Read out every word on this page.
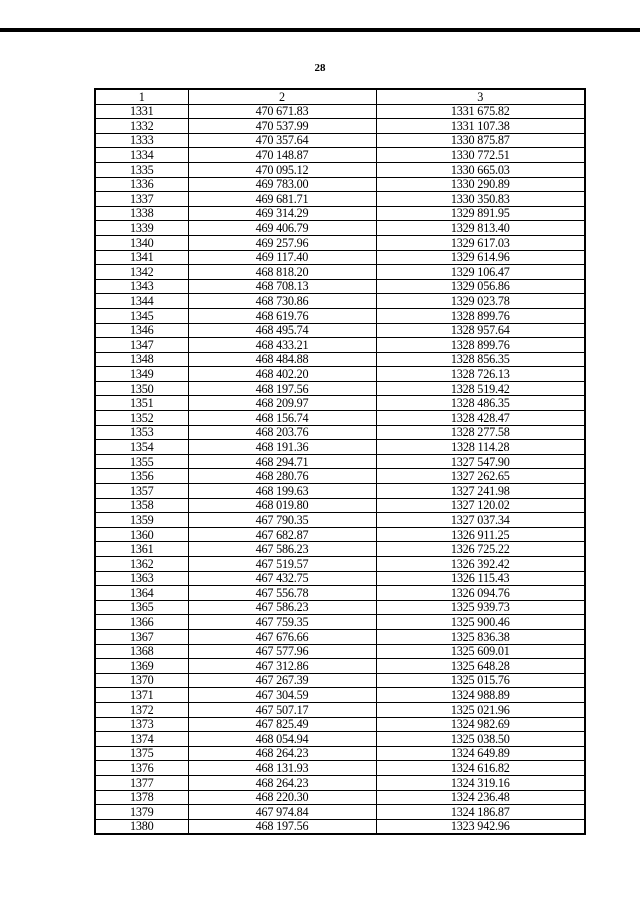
28
1	2	3
1331	470 671.83	1331 675.82
1332	470 537.99	1331 107.38
1333	470 357.64	1330 875.87
1334	470 148.87	1330 772.51
1335	470 095.12	1330 665.03
1336	469 783.00	1330 290.89
1337	469 681.71	1330 350.83
1338	469 314.29	1329 891.95
1339	469 406.79	1329 813.40
1340	469 257.96	1329 617.03
1341	469 117.40	1329 614.96
1342	468 818.20	1329 106.47
1343	468 708.13	1329 056.86
1344	468 730.86	1329 023.78
1345	468 619.76	1328 899.76
1346	468 495.74	1328 957.64
1347	468 433.21	1328 899.76
1348	468 484.88	1328 856.35
1349	468 402.20	1328 726.13
1350	468 197.56	1328 519.42
1351	468 209.97	1328 486.35
1352	468 156.74	1328 428.47
1353	468 203.76	1328 277.58
1354	468 191.36	1328 114.28
1355	468 294.71	1327 547.90
1356	468 280.76	1327 262.65
1357	468 199.63	1327 241.98
1358	468 019.80	1327 120.02
1359	467 790.35	1327 037.34
1360	467 682.87	1326 911.25
1361	467 586.23	1326 725.22
1362	467 519.57	1326 392.42
1363	467 432.75	1326 115.43
1364	467 556.78	1326 094.76
1365	467 586.23	1325 939.73
1366	467 759.35	1325 900.46
1367	467 676.66	1325 836.38
1368	467 577.96	1325 609.01
1369	467 312.86	1325 648.28
1370	467 267.39	1325 015.76
1371	467 304.59	1324 988.89
1372	467 507.17	1325 021.96
1373	467 825.49	1324 982.69
1374	468 054.94	1325 038.50
1375	468 264.23	1324 649.89
1376	468 131.93	1324 616.82
1377	468 264.23	1324 319.16
1378	468 220.30	1324 236.48
1379	467 974.84	1324 186.87
1380	468 197.56	1323 942.96
